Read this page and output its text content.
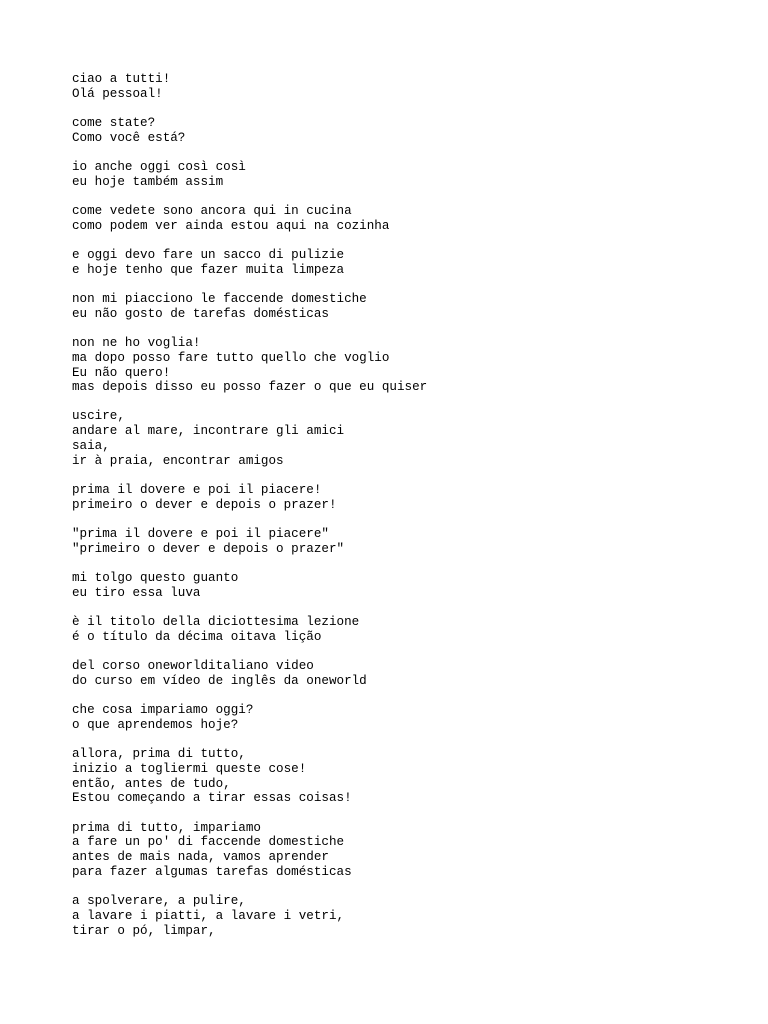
ciao a tutti!
Olá pessoal!
come state?
Como você está?
io anche oggi così così
eu hoje também assim
come vedete sono ancora qui in cucina
como podem ver ainda estou aqui na cozinha
e oggi devo fare un sacco di pulizie
e hoje tenho que fazer muita limpeza
non mi piacciono le faccende domestiche
eu não gosto de tarefas domésticas
non ne ho voglia!
ma dopo posso fare tutto quello che voglio
Eu não quero!
mas depois disso eu posso fazer o que eu quiser
uscire,
andare al mare, incontrare gli amici
saia,
ir à praia, encontrar amigos
prima il dovere e poi il piacere!
primeiro o dever e depois o prazer!
"prima il dovere e poi il piacere"
"primeiro o dever e depois o prazer"
mi tolgo questo guanto
eu tiro essa luva
è il titolo della diciottesima lezione
é o título da décima oitava lição
del corso oneworlditaliano video
do curso em vídeo de inglês da oneworld
che cosa impariamo oggi?
o que aprendemos hoje?
allora, prima di tutto,
inizio a togliermi queste cose!
então, antes de tudo,
Estou começando a tirar essas coisas!
prima di tutto, impariamo
a fare un po' di faccende domestiche
antes de mais nada, vamos aprender
para fazer algumas tarefas domésticas
a spolverare, a pulire,
a lavare i piatti, a lavare i vetri,
tirar o pó, limpar,
